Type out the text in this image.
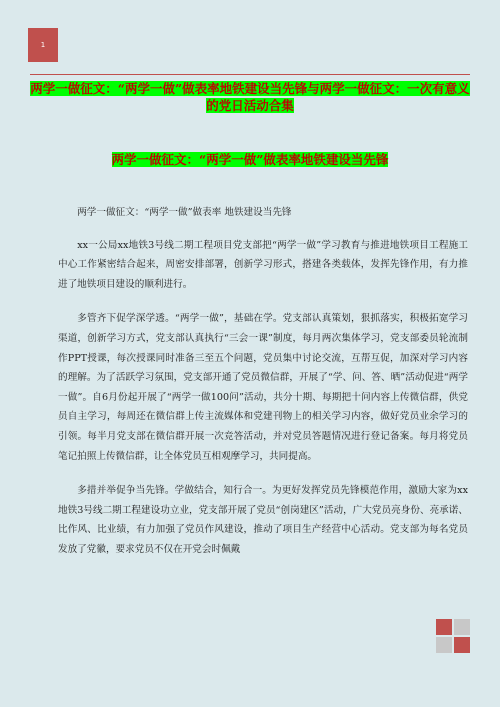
1
两学一做征文：“两学一做”做表率地铁建设当先锋与两学一做征文：一次有意义的党日活动合集
两学一做征文：“两学一做”做表率地铁建设当先锋

两学一做征文：“两学一做”做表率 地铁建设当先锋

xx一公局xx地铁3号线二期工程项目党支部把“两学一做”学习教育与推进地铁项目工程施工中心工作紧密结合起来，周密安排部署，创新学习形式，搭建各类载体，发挥先锋作用，有力推进了地铁项目建设的顺利进行。

多管齐下促学深学透。“两学一做”，基础在学。党支部认真策划，狠抓落实，积极拓宽学习渠道，创新学习方式，党支部认真执行“三会一课”制度，每月两次集体学习，党支部委员轮流制作PPT授课，每次授课同时准备三至五个问题，党员集中讨论交流，互帮互促，加深对学习内容的理解。为了活跃学习氛围，党支部开通了党员微信群，开展了“学、问、答、晒”活动促进“两学一做”。自6月份起开展了“两学一做100问”活动，共分十期、每期把十问内容上传微信群，供党员自主学习，每周还在微信群上传主流媒体和党建刊物上的相关学习内容，做好党员业余学习的引领。每半月党支部在微信群开展一次竞答活动，并对党员答题情况进行登记备案。每月将党员笔记拍照上传微信群，让全体党员互相观摩学习，共同提高。

多措并举促争当先锋。学做结合，知行合一。为更好发挥党员先锋模范作用，激励大家为xx地铁3号线二期工程建设功立业，党支部开展了党员“创岗建区”活动，广大党员亮身份、亮承诺、比作风、比业绩，有力加强了党员作风建设，推动了项目生产经营中心活动。党支部为每名党员发放了党徽，要求党员不仅在开党会时佩戴
